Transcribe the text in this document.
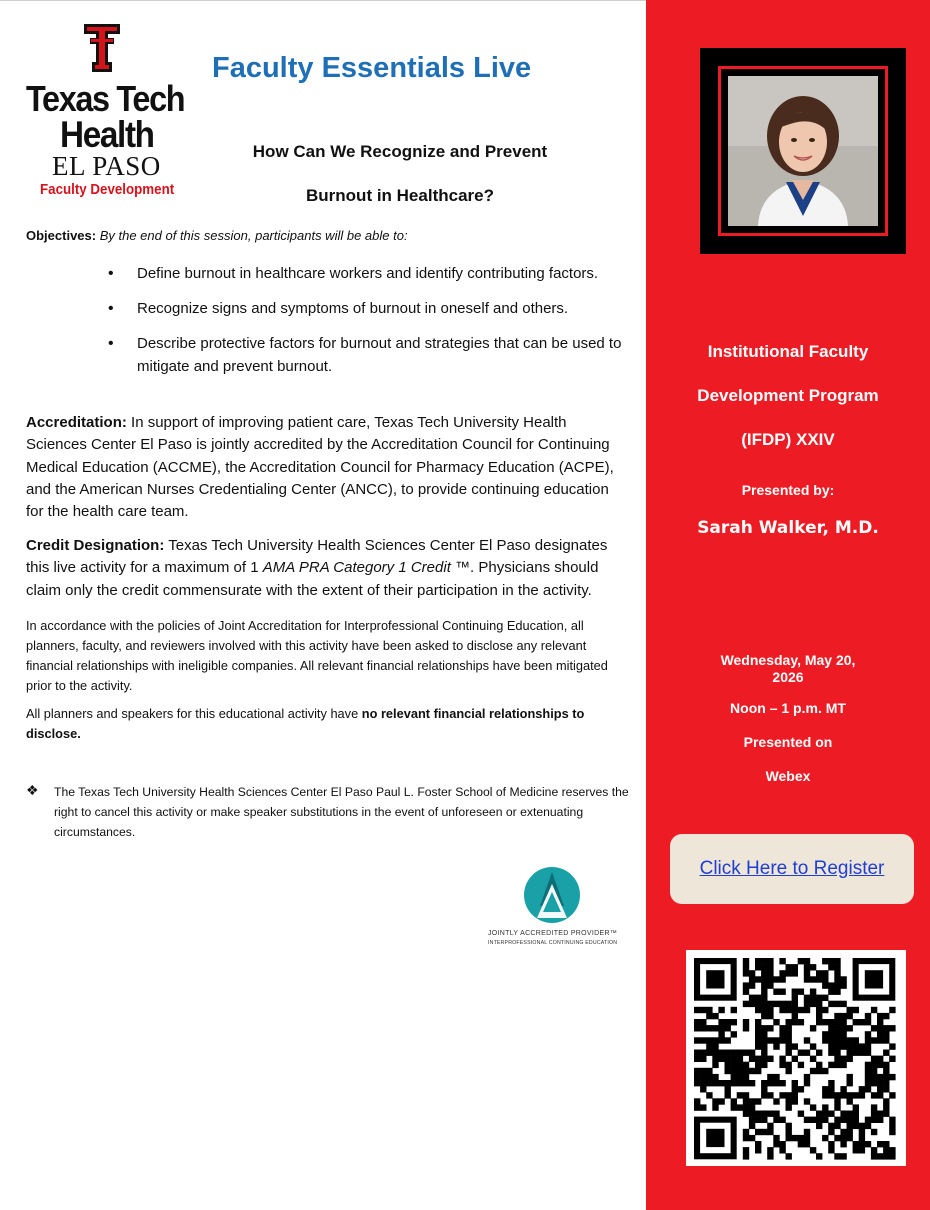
Texas Tech
Health
EL PASO
Faculty Development
Faculty Essentials Live
How Can We Recognize and Prevent
Burnout in Healthcare?
Objectives: By the end of this session, participants will be able to:
• Define burnout in healthcare workers and identify contributing factors.
• Recognize signs and symptoms of burnout in oneself and others.
• Describe protective factors for burnout and strategies that can be used to mitigate and prevent burnout.
Accreditation: In support of improving patient care, Texas Tech University Health Sciences Center El Paso is jointly accredited by the Accreditation Council for Continuing Medical Education (ACCME), the Accreditation Council for Pharmacy Education (ACPE), and the American Nurses Credentialing Center (ANCC), to provide continuing education for the health care team.
Credit Designation: Texas Tech University Health Sciences Center El Paso designates this live activity for a maximum of 1 AMA PRA Category 1 Credit ™. Physicians should claim only the credit commensurate with the extent of their participation in the activity.
In accordance with the policies of Joint Accreditation for Interprofessional Continuing Education, all planners, faculty, and reviewers involved with this activity have been asked to disclose any relevant financial relationships with ineligible companies. All relevant financial relationships have been mitigated prior to the activity.
All planners and speakers for this educational activity have no relevant financial relationships to disclose.
❖ The Texas Tech University Health Sciences Center El Paso Paul L. Foster School of Medicine reserves the right to cancel this activity or make speaker substitutions in the event of unforeseen or extenuating circumstances.
JOINTLY ACCREDITED PROVIDER™
INTERPROFESSIONAL CONTINUING EDUCATION
Institutional Faculty
Development Program
(IFDP) XXIV
Presented by:
Sarah Walker, M.D.
Wednesday, May 20,
2026
Noon – 1 p.m. MT
Presented on
Webex
Click Here to Register
